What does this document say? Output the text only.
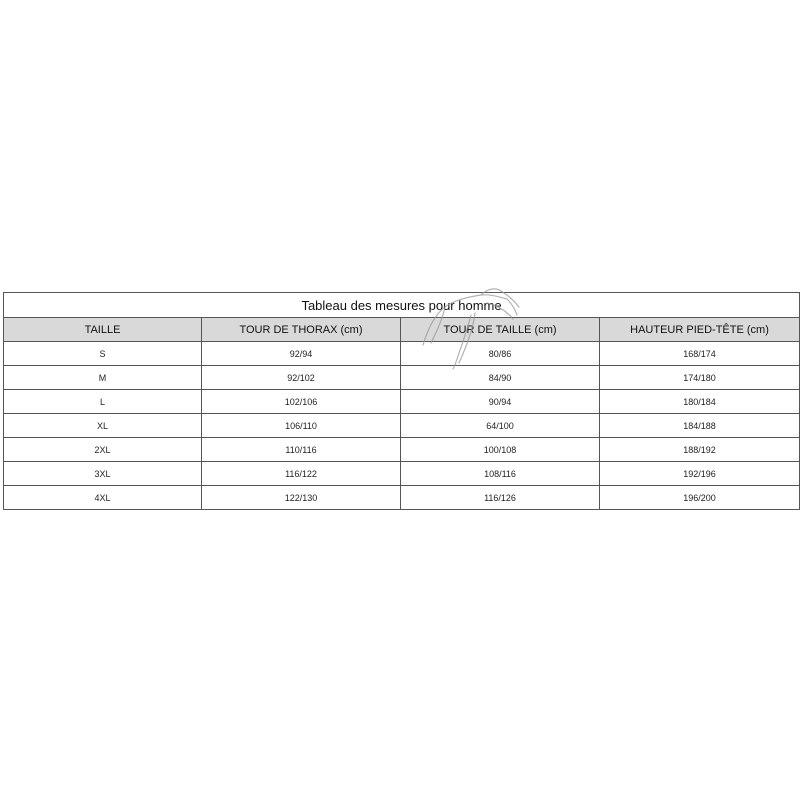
Tableau des mesures pour homme			
TAILLE	TOUR DE THORAX (cm)	TOUR DE TAILLE (cm)	HAUTEUR PIED-TÊTE (cm)
S	92/94	80/86	168/174
M	92/102	84/90	174/180
L	102/106	90/94	180/184
XL	106/110	64/100	184/188
2XL	110/116	100/108	188/192
3XL	116/122	108/116	192/196
4XL	122/130	116/126	196/200
